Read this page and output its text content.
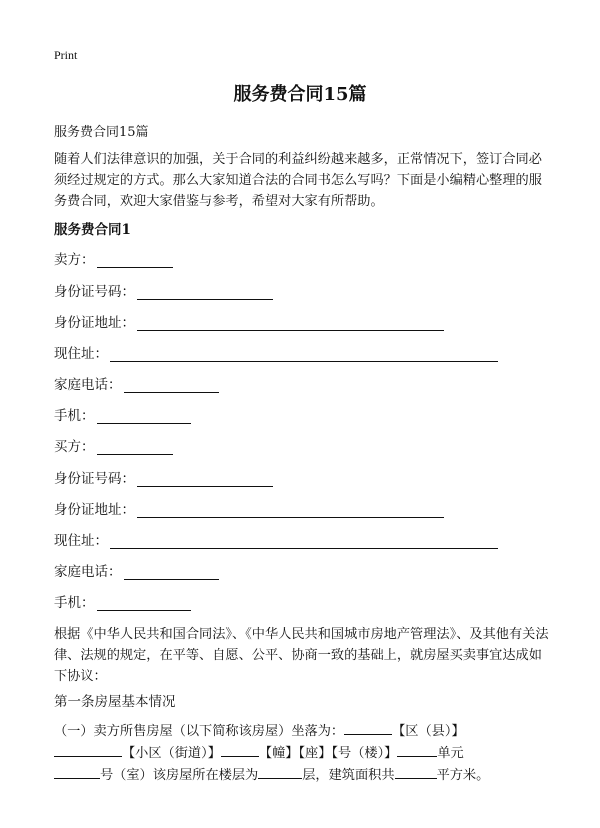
Print
服务费合同15篇
服务费合同15篇

随着人们法律意识的加强，关于合同的利益纠纷越来越多，正常情况下，签订合同必须经过规定的方式。那么大家知道合法的合同书怎么写吗？下面是小编精心整理的服务费合同，欢迎大家借鉴与参考，希望对大家有所帮助。

服务费合同1
卖方：
身份证号码：
身份证地址：
现住址：
家庭电话：
手机：
买方：
身份证号码：
身份证地址：
现住址：
家庭电话：
手机：

根据《中华人民共和国合同法》、《中华人民共和国城市房地产管理法》、及其他有关法律、法规的规定，在平等、自愿、公平、协商一致的基础上，就房屋买卖事宜达成如下协议：

第一条房屋基本情况
（一）卖方所售房屋（以下简称该房屋）坐落为：	【区（县）】
【小区（街道）】	【幢】【座】【号（楼）】	单元
号（室）该房屋所在楼层为	层，建筑面积共	平方米。
